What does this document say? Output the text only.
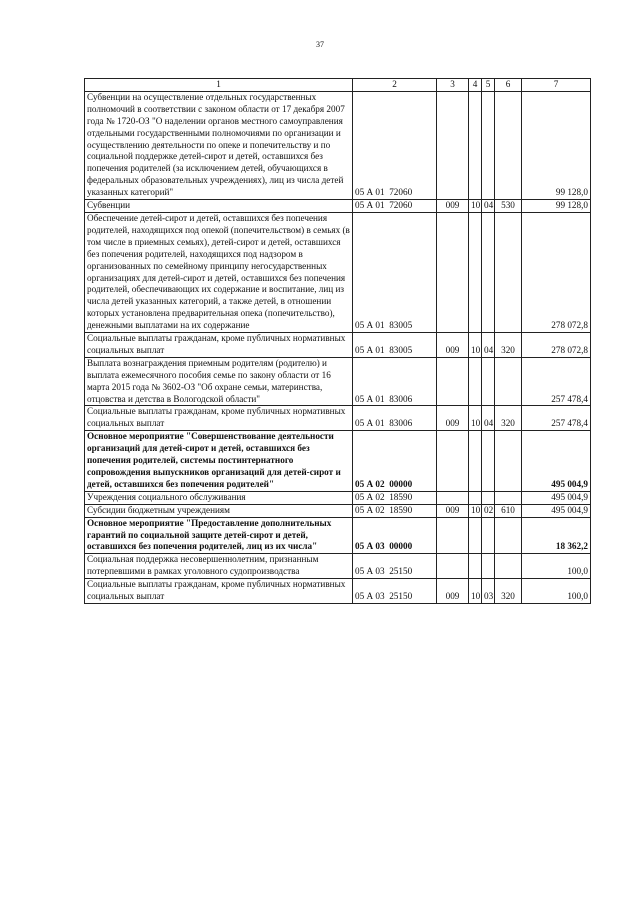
37
1	2	3	4	5	6	7
Субвенции на осуществление отдельных государственных полномочий в соответствии с законом области от 17 декабря 2007 года № 1720-ОЗ "О наделении органов местного самоуправления отдельными государственными полномочиями по организации и осуществлению деятельности по опеке и попечительству и по социальной поддержке детей-сирот и детей, оставшихся без попечения родителей (за исключением детей, обучающихся в федеральных образовательных учреждениях), лиц из числа детей указанных категорий"	05 А 01  72060					99 128,0
Субвенции	05 А 01  72060	009	10	04	530	99 128,0
Обеспечение детей-сирот и детей, оставшихся без попечения родителей, находящихся под опекой (попечительством) в семьях (в том числе в приемных семьях), детей-сирот и детей, оставшихся без попечения родителей, находящихся под надзором в организованных по семейному принципу негосударственных организациях для детей-сирот и детей, оставшихся без попечения родителей, обеспечивающих их содержание и воспитание, лиц из числа детей указанных категорий, а также детей, в отношении которых установлена предварительная опека (попечительство), денежными выплатами на их содержание	05 А 01  83005					278 072,8
Социальные выплаты гражданам, кроме публичных нормативных социальных выплат	05 А 01  83005	009	10	04	320	278 072,8
Выплата вознаграждения приемным родителям (родителю) и выплата ежемесячного пособия семье по закону области от 16 марта 2015 года № 3602-ОЗ "Об охране семьи, материнства, отцовства и детства в Вологодской области"	05 А 01  83006					257 478,4
Социальные выплаты гражданам, кроме публичных нормативных социальных выплат	05 А 01  83006	009	10	04	320	257 478,4
Основное мероприятие "Совершенствование деятельности организаций для детей-сирот и детей, оставшихся без попечения родителей, системы постинтернатного сопровождения выпускников организаций для детей-сирот и детей, оставшихся без попечения родителей"	05 А 02  00000					495 004,9
Учреждения социального обслуживания	05 А 02  18590					495 004,9
Субсидии бюджетным учреждениям	05 А 02  18590	009	10	02	610	495 004,9
Основное мероприятие "Предоставление дополнительных гарантий по социальной защите детей-сирот и детей, оставшихся без попечения родителей, лиц из их числа"	05 А 03  00000					18 362,2
Социальная поддержка несовершеннолетним, признанным потерпевшими в рамках уголовного судопроизводства	05 А 03  25150					100,0
Социальные выплаты гражданам, кроме публичных нормативных социальных выплат	05 А 03  25150	009	10	03	320	100,0
